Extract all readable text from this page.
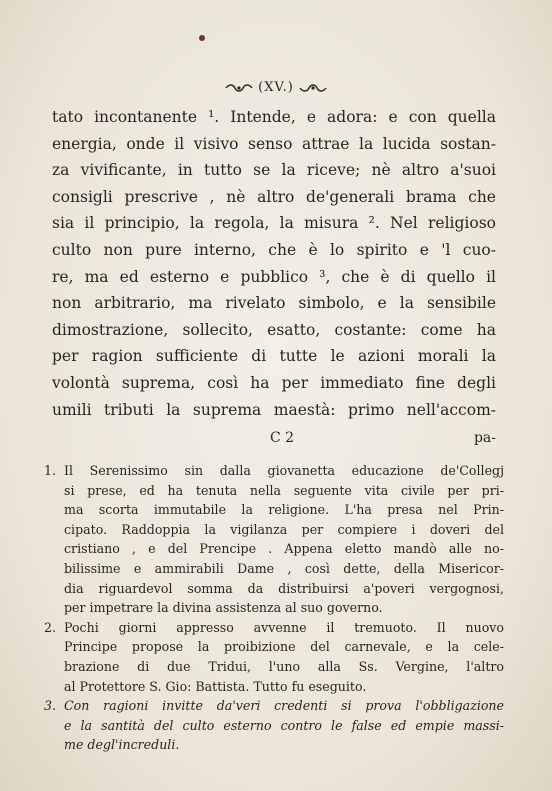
(XV.)
tato incontanente ¹. Intende, e adora: e con quella
energia, onde il visivo senso attrae la lucida sostan-
za vivificante, in tutto se la riceve; nè altro a'suoi
consigli prescrive , nè altro de'generali brama che
sia il principio, la regola, la misura ². Nel religioso
culto non pure interno, che è lo spirito e 'l cuo-
re, ma ed esterno e pubblico ³, che è di quello il
non arbitrario, ma rivelato simbolo, e la sensibile
dimostrazione, sollecito, esatto, costante: come ha
per ragion sufficiente di tutte le azioni morali la
volontà suprema, così ha per immediato fine degli
umili tributi la suprema maestà: primo nell'accom-
C 2	pa-
1. Il Serenissimo sin dalla giovanetta educazione de'Collegj
si prese, ed ha tenuta nella seguente vita civile per pri-
ma scorta immutabile la religione. L'ha presa nel Prin-
cipato. Raddoppia la vigilanza per compiere i doveri del
cristiano , e del Prencipe . Appena eletto mandò alle no-
bilissime e ammirabili Dame , così dette, della Misericor-
dia riguardevol somma da distribuirsi a'poveri vergognosi,
per impetrare la divina assistenza al suo governo.
2. Pochi giorni appresso avvenne il tremuoto. Il nuovo
Principe propose la proibizione del carnevale, e la cele-
brazione di due Tridui, l'uno alla Ss. Vergine, l'altro
al Protettore S. Gio: Battista. Tutto fu eseguito.
3. Con ragioni invitte da'veri credenti si prova l'obbligazione
e la santità del culto esterno contro le false ed empie massi-
me degl'increduli.
